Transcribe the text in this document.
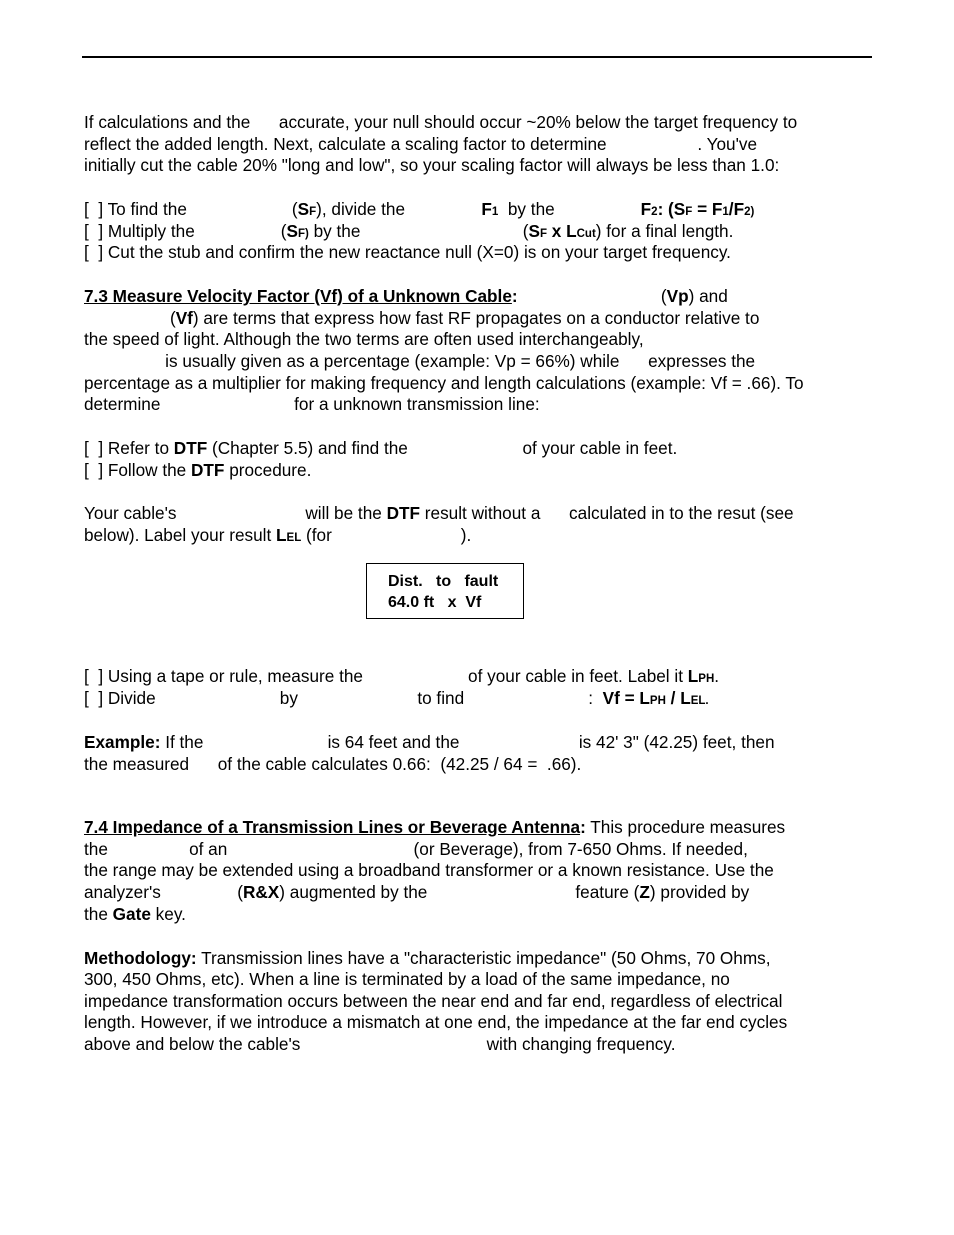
If calculations and the      accurate, your null should occur ~20% below the target frequency to
reflect the added length. Next, calculate a scaling factor to determine                   . You've
initially cut the cable 20% "long and low", so your scaling factor will always be less than 1.0:
[  ] To find the                      (SF), divide the                F1  by the                  F2: (SF = F1/F2)
[  ] Multiply the                  (SF) by the                                  (SF x LCut) for a final length.
[  ] Cut the stub and confirm the new reactance null (X=0) is on your target frequency.
7.3 Measure Velocity Factor (Vf) of a Unknown Cable:                              (Vp) and
(Vf) are terms that express how fast RF propagates on a conductor relative to
the speed of light. Although the two terms are often used interchangeably,
is usually given as a percentage (example: Vp = 66%) while      expresses the
percentage as a multiplier for making frequency and length calculations (example: Vf = .66). To
determine                            for a unknown transmission line:
[  ] Refer to DTF (Chapter 5.5) and find the                        of your cable in feet.
[  ] Follow the DTF procedure.
Your cable's                           will be the DTF result without a      calculated in to the resut (see
below). Label your result LEL (for                           ).
Dist.   to   fault
64.0 ft   x  Vf
[  ] Using a tape or rule, measure the                      of your cable in feet. Label it LPH.
[  ] Divide                          by                         to find                          :  Vf = LPH / LEL.
Example: If the                          is 64 feet and the                         is 42' 3" (42.25) feet, then
the measured      of the cable calculates 0.66:  (42.25 / 64 =  .66).
7.4 Impedance of a Transmission Lines or Beverage Antenna: This procedure measures
the                 of an                                       (or Beverage), from 7-650 Ohms. If needed,
the range may be extended using a broadband transformer or a known resistance. Use the
analyzer's                (R&X) augmented by the                               feature (Z) provided by
the Gate key.
Methodology: Transmission lines have a "characteristic impedance" (50 Ohms, 70 Ohms,
300, 450 Ohms, etc). When a line is terminated by a load of the same impedance, no
impedance transformation occurs between the near end and far end, regardless of electrical
length. However, if we introduce a mismatch at one end, the impedance at the far end cycles
above and below the cable's                                       with changing frequency.
